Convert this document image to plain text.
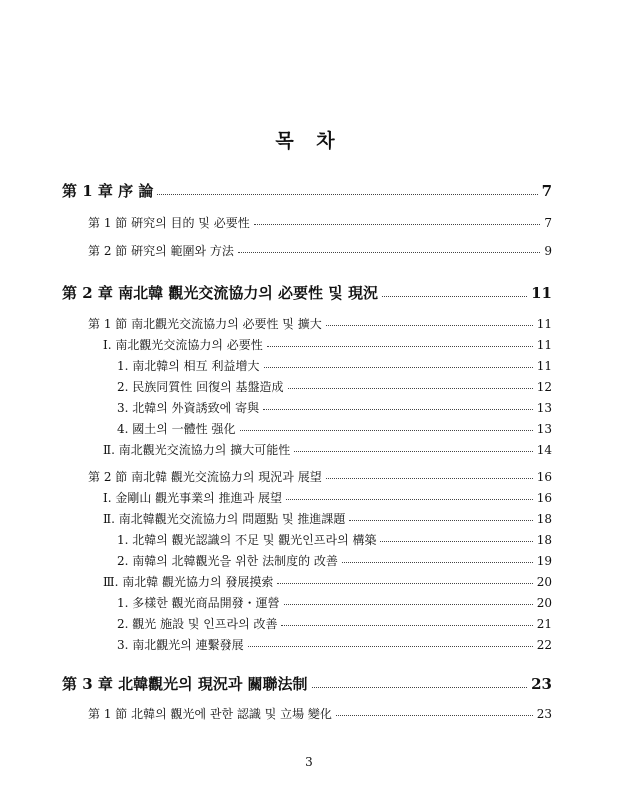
목 차
第 1 章 序 論	7
第 1 節 硏究의 目的 및 必要性	7
第 2 節 硏究의 範圍와 方法	9
第 2 章 南北韓 觀光交流協力의 必要性 및 現況	11
第 1 節 南北觀光交流協力의 必要性 및 擴大	11
Ⅰ. 南北觀光交流協力의 必要性	11
1. 南北韓의 相互 利益增大	11
2. 民族同質性 回復의 基盤造成	12
3. 北韓의 外資誘致에 寄與	13
4. 國土의 一體性 强化	13
Ⅱ. 南北觀光交流協力의 擴大可能性	14
第 2 節 南北韓 觀光交流協力의 現況과 展望	16
Ⅰ. 金剛山 觀光事業의 推進과 展望	16
Ⅱ. 南北韓觀光交流協力의 問題點 및 推進課題	18
1. 北韓의 觀光認識의 不足 및 觀光인프라의 構築	18
2. 南韓의 北韓觀光을 위한 法制度的 改善	19
Ⅲ. 南北韓 觀光協力의 發展摸索	20
1. 多樣한 觀光商品開發・運營	20
2. 觀光 施設 및 인프라의 改善	21
3. 南北觀光의 連繫發展	22
第 3 章 北韓觀光의 現況과 關聯法制	23
第 1 節 北韓의 觀光에 관한 認識 및 立場 變化	23
3
